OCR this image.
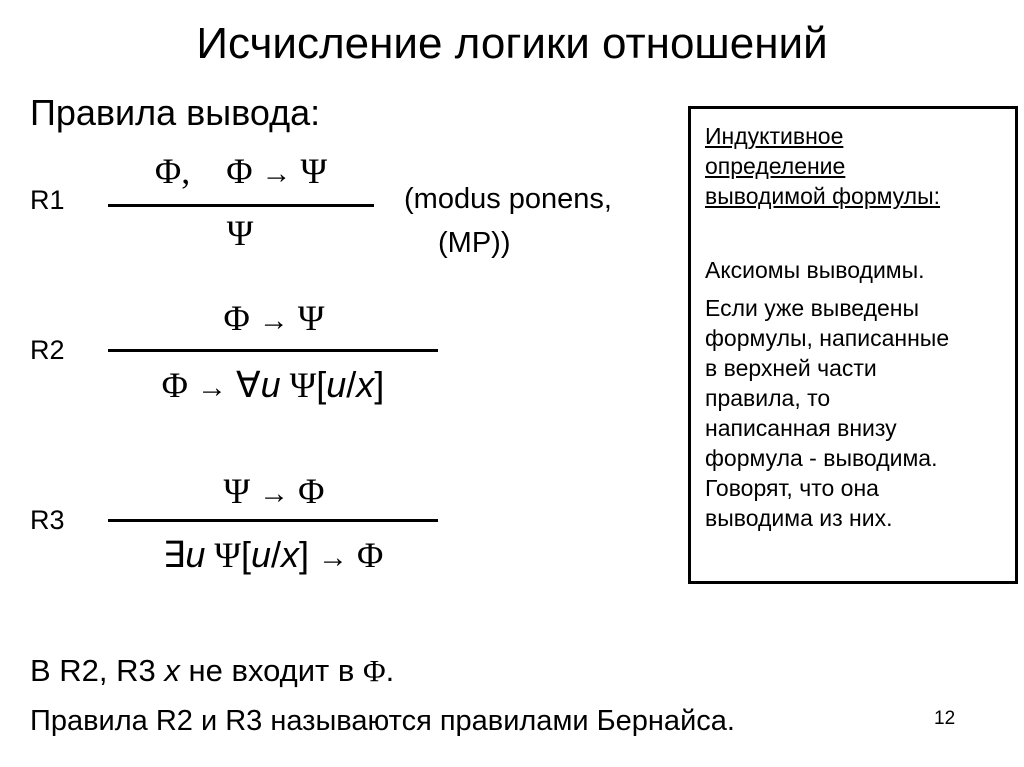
Исчисление логики отношений
Правила вывода:
R1
Φ, Φ → Ψ
Ψ
(modus ponens,
(MP))
R2
Φ → Ψ
Φ → ∀u Ψ[u/x]
R3
Ψ → Φ
∃u Ψ[u/x] → Φ
Индуктивное
определение
выводимой формулы:
Аксиомы выводимы.
Если уже выведены
формулы, написанные
в верхней части
правила, то
написанная внизу
формула - выводима.
Говорят, что она
выводима из них.
В R2, R3 x не входит в Φ.
Правила R2 и R3 называются правилами Бернайса.	12
